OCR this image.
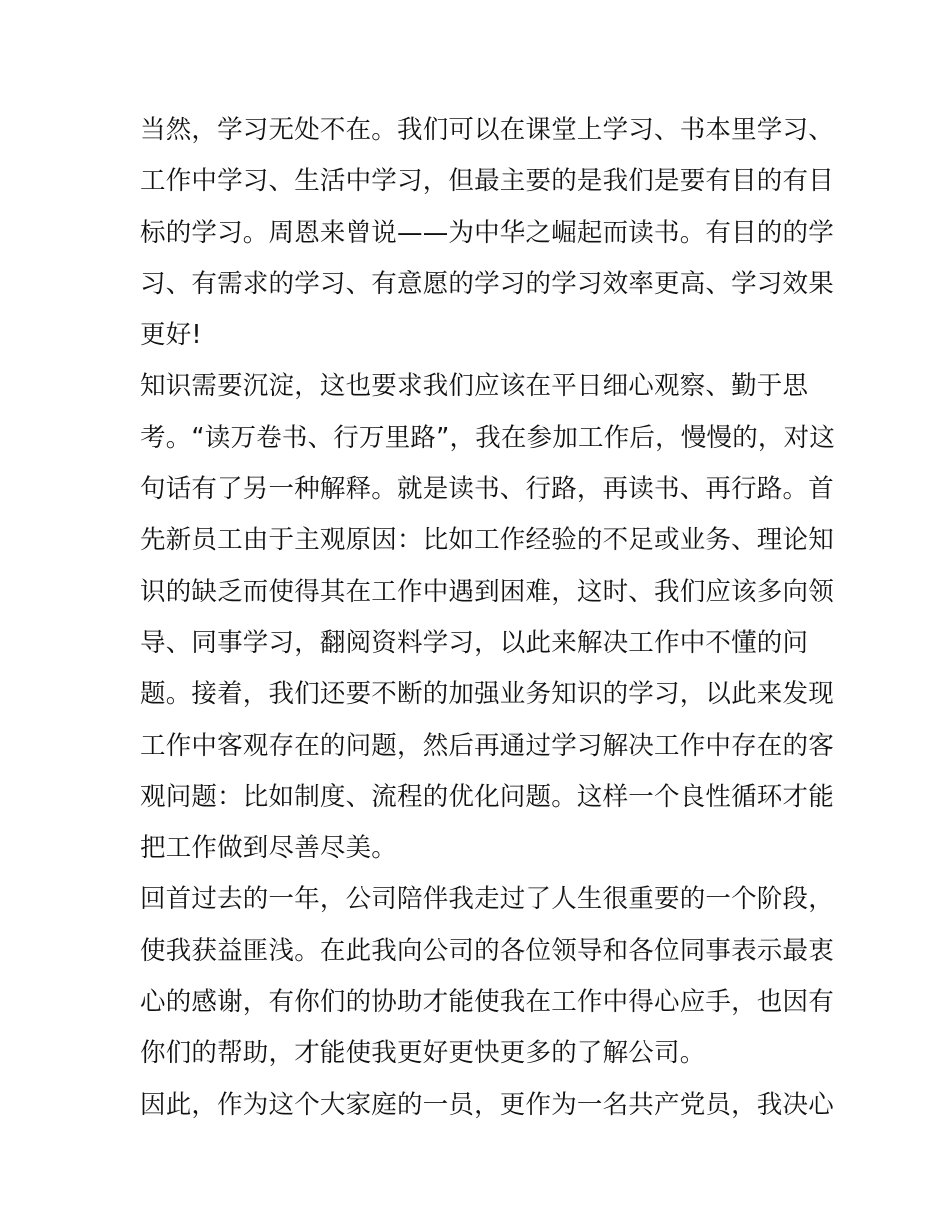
当然，学习无处不在。我们可以在课堂上学习、书本里学习、
工作中学习、生活中学习，但最主要的是我们是要有目的有目
标的学习。周恩来曾说——为中华之崛起而读书。有目的的学
习、有需求的学习、有意愿的学习的学习效率更高、学习效果
更好!
知识需要沉淀，这也要求我们应该在平日细心观察、勤于思
考。“读万卷书、行万里路”，我在参加工作后，慢慢的，对这
句话有了另一种解释。就是读书、行路，再读书、再行路。首
先新员工由于主观原因：比如工作经验的不足或业务、理论知
识的缺乏而使得其在工作中遇到困难，这时、我们应该多向领
导、同事学习，翻阅资料学习，以此来解决工作中不懂的问
题。接着，我们还要不断的加强业务知识的学习，以此来发现
工作中客观存在的问题，然后再通过学习解决工作中存在的客
观问题：比如制度、流程的优化问题。这样一个良性循环才能
把工作做到尽善尽美。
回首过去的一年，公司陪伴我走过了人生很重要的一个阶段，
使我获益匪浅。在此我向公司的各位领导和各位同事表示最衷
心的感谢，有你们的协助才能使我在工作中得心应手，也因有
你们的帮助，才能使我更好更快更多的了解公司。
因此，作为这个大家庭的一员，更作为一名共产党员，我决心
